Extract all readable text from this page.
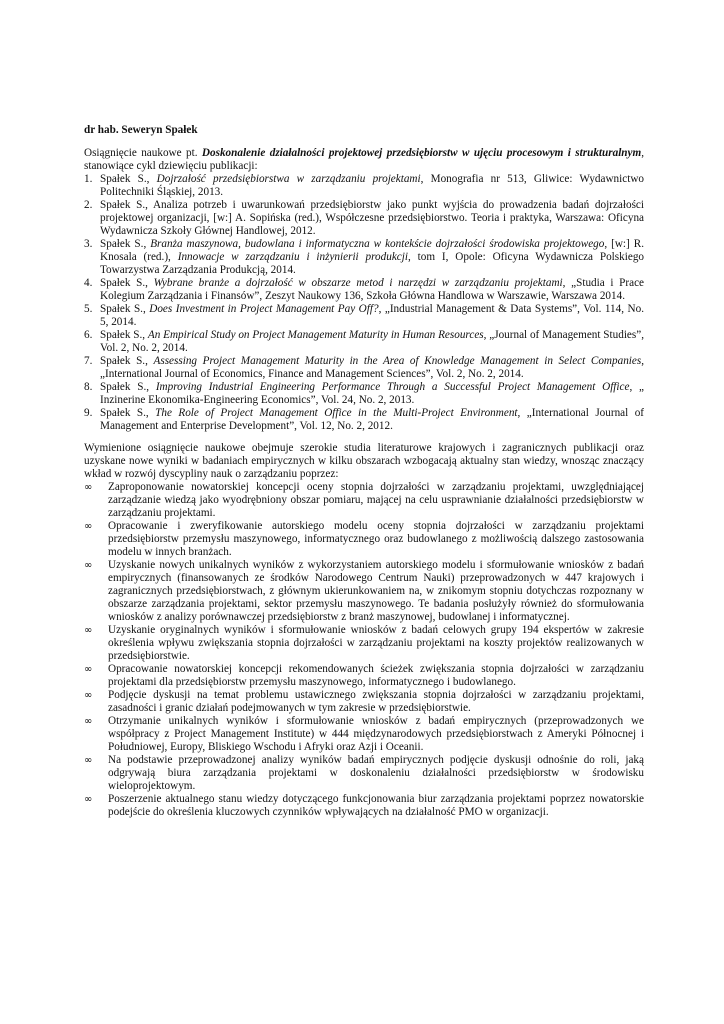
dr hab. Seweryn Spałek
Osiągnięcie naukowe pt. Doskonalenie działalności projektowej przedsiębiorstw w ujęciu procesowym i strukturalnym, stanowiące cykl dziewięciu publikacji:
1. Spałek S., Dojrzałość przedsiębiorstwa w zarządzaniu projektami, Monografia nr 513, Gliwice: Wydawnictwo Politechniki Śląskiej, 2013.
2. Spałek S., Analiza potrzeb i uwarunkowań przedsiębiorstw jako punkt wyjścia do prowadzenia badań dojrzałości projektowej organizacji, [w:] A. Sopińska (red.), Współczesne przedsiębiorstwo. Teoria i praktyka, Warszawa: Oficyna Wydawnicza Szkoły Głównej Handlowej, 2012.
3. Spałek S., Branża maszynowa, budowlana i informatyczna w kontekście dojrzałości środowiska projektowego, [w:] R. Knosala (red.), Innowacje w zarządzaniu i inżynierii produkcji, tom I, Opole: Oficyna Wydawnicza Polskiego Towarzystwa Zarządzania Produkcją, 2014.
4. Spałek S., Wybrane branże a dojrzałość w obszarze metod i narzędzi w zarządzaniu projektami, „Studia i Prace Kolegium Zarządzania i Finansów”, Zeszyt Naukowy 136, Szkoła Główna Handlowa w Warszawie, Warszawa 2014.
5. Spałek S., Does Investment in Project Management Pay Off?, „Industrial Management & Data Systems”, Vol. 114, No. 5, 2014.
6. Spałek S., An Empirical Study on Project Management Maturity in Human Resources, „Journal of Management Studies”, Vol. 2, No. 2, 2014.
7. Spałek S., Assessing Project Management Maturity in the Area of Knowledge Management in Select Companies, „International Journal of Economics, Finance and Management Sciences”, Vol. 2, No. 2, 2014.
8. Spałek S., Improving Industrial Engineering Performance Through a Successful Project Management Office, „ Inzinerine Ekonomika-Engineering Economics”, Vol. 24, No. 2, 2013.
9. Spałek S., The Role of Project Management Office in the Multi-Project Environment, „International Journal of Management and Enterprise Development”, Vol. 12, No. 2, 2012.
Wymienione osiągnięcie naukowe obejmuje szerokie studia literaturowe krajowych i zagranicznych publikacji oraz uzyskane nowe wyniki w badaniach empirycznych w kilku obszarach wzbogacają aktualny stan wiedzy, wnosząc znaczący wkład w rozwój dyscypliny nauk o zarządzaniu poprzez:
∞ Zaproponowanie nowatorskiej koncepcji oceny stopnia dojrzałości w zarządzaniu projektami, uwzględniającej zarządzanie wiedzą jako wyodrębniony obszar pomiaru, mającej na celu usprawnianie działalności przedsiębiorstw w zarządzaniu projektami.
∞ Opracowanie i zweryfikowanie autorskiego modelu oceny stopnia dojrzałości w zarządzaniu projektami przedsiębiorstw przemysłu maszynowego, informatycznego oraz budowlanego z możliwością dalszego zastosowania modelu w innych branżach.
∞ Uzyskanie nowych unikalnych wyników z wykorzystaniem autorskiego modelu i sformułowanie wniosków z badań empirycznych (finansowanych ze środków Narodowego Centrum Nauki) przeprowadzonych w 447 krajowych i zagranicznych przedsiębiorstwach, z głównym ukierunkowaniem na, w znikomym stopniu dotychczas rozpoznany w obszarze zarządzania projektami, sektor przemysłu maszynowego. Te badania posłużyły również do sformułowania wniosków z analizy porównawczej przedsiębiorstw z branż maszynowej, budowlanej i informatycznej.
∞ Uzyskanie oryginalnych wyników i sformułowanie wniosków z badań celowych grupy 194 ekspertów w zakresie określenia wpływu zwiększania stopnia dojrzałości w zarządzaniu projektami na koszty projektów realizowanych w przedsiębiorstwie.
∞ Opracowanie nowatorskiej koncepcji rekomendowanych ścieżek zwiększania stopnia dojrzałości w zarządzaniu projektami dla przedsiębiorstw przemysłu maszynowego, informatycznego i budowlanego.
∞ Podjęcie dyskusji na temat problemu ustawicznego zwiększania stopnia dojrzałości w zarządzaniu projektami, zasadności i granic działań podejmowanych w tym zakresie w przedsiębiorstwie.
∞ Otrzymanie unikalnych wyników i sformułowanie wniosków z badań empirycznych (przeprowadzonych we współpracy z Project Management Institute) w 444 międzynarodowych przedsiębiorstwach z Ameryki Północnej i Południowej, Europy, Bliskiego Wschodu i Afryki oraz Azji i Oceanii.
∞ Na podstawie przeprowadzonej analizy wyników badań empirycznych podjęcie dyskusji odnośnie do roli, jaką odgrywają biura zarządzania projektami w doskonaleniu działalności przedsiębiorstw w środowisku wieloprojektowym.
∞ Poszerzenie aktualnego stanu wiedzy dotyczącego funkcjonowania biur zarządzania projektami poprzez nowatorskie podejście do określenia kluczowych czynników wpływających na działalność PMO w organizacji.
